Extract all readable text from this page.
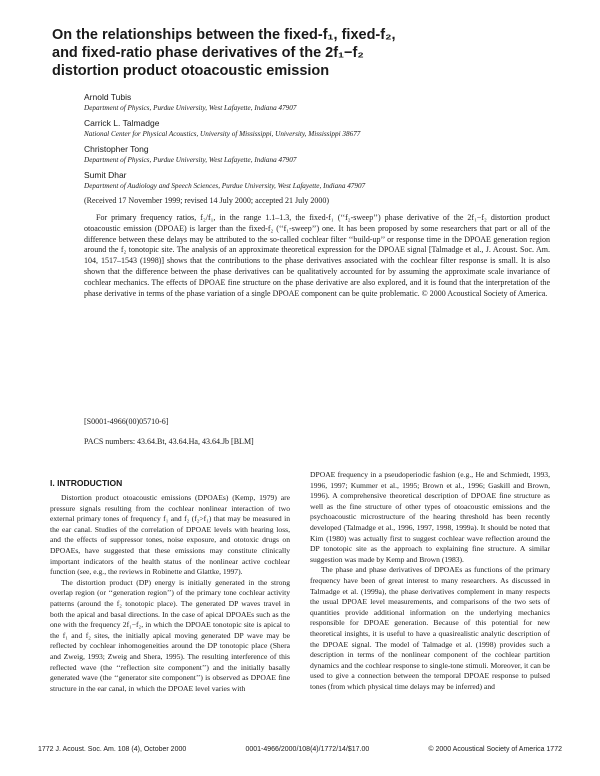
On the relationships between the fixed-f₁, fixed-f₂,
and fixed-ratio phase derivatives of the 2f₁−f₂
distortion product otoacoustic emission
Arnold Tubis
Department of Physics, Purdue University, West Lafayette, Indiana 47907
Carrick L. Talmadge
National Center for Physical Acoustics, University of Mississippi, University, Mississippi 38677
Christopher Tong
Department of Physics, Purdue University, West Lafayette, Indiana 47907
Sumit Dhar
Department of Audiology and Speech Sciences, Purdue University, West Lafayette, Indiana 47907
(Received 17 November 1999; revised 14 July 2000; accepted 21 July 2000)

For primary frequency ratios, f₂/f₁, in the range 1.1–1.3, the fixed-f₁ (‘‘f₂-sweep’’) phase derivative of the 2f₁−f₂ distortion product otoacoustic emission (DPOAE) is larger than the fixed-f₂ (‘‘f₁-sweep’’) one. It has been proposed by some researchers that part or all of the difference between these delays may be attributed to the so-called cochlear filter ‘‘build-up’’ or response time in the DPOAE generation region around the f₂ tonotopic site. The analysis of an approximate theoretical expression for the DPOAE signal [Talmadge et al., J. Acoust. Soc. Am. 104, 1517–1543 (1998)] shows that the contributions to the phase derivatives associated with the cochlear filter response is small. It is also shown that the difference between the phase derivatives can be qualitatively accounted for by assuming the approximate scale invariance of cochlear mechanics. The effects of DPOAE fine structure on the phase derivative are also explored, and it is found that the interpretation of the phase derivative in terms of the phase variation of a single DPOAE component can be quite problematic. © 2000 Acoustical Society of America.

[S0001-4966(00)05710-6]
PACS numbers: 43.64.Bt, 43.64.Ha, 43.64.Jb [BLM]
I. INTRODUCTION

Distortion product otoacoustic emissions (DPOAEs) (Kemp, 1979) are pressure signals resulting from the cochlear nonlinear interaction of two external primary tones of frequency f₁ and f₂ (f₂>f₁) that may be measured in the ear canal. Studies of the correlation of DPOAE levels with hearing loss, and the effects of suppressor tones, noise exposure, and ototoxic drugs on DPOAEs, have suggested that these emissions may constitute clinically important indicators of the health status of the nonlinear active cochlear function (see, e.g., the reviews in Robinette and Glattke, 1997).

The distortion product (DP) energy is initially generated in the strong overlap region (or ‘‘generation region’’) of the primary tone cochlear activity patterns (around the f₂ tonotopic place). The generated DP waves travel in both the apical and basal directions. In the case of apical DPOAEs such as the one with the frequency 2f₁−f₂, in which the DPOAE tonotopic site is apical to the f₁ and f₂ sites, the initially apical moving generated DP wave may be reflected by cochlear inhomogeneities around the DP tonotopic place (Shera and Zweig, 1993; Zweig and Shera, 1995). The resulting interference of this reflected wave (the ‘‘reflection site component’’) and the initially basally generated wave (the ‘‘generator site component’’) is observed as DPOAE fine structure in the ear canal, in which the DPOAE level varies with

DPOAE frequency in a pseudoperiodic fashion (e.g., He and Schmiedt, 1993, 1996, 1997; Kummer et al., 1995; Brown et al., 1996; Gaskill and Brown, 1996). A comprehensive theoretical description of DPOAE fine structure as well as the fine structure of other types of otoacoustic emissions and the psychoacoustic microstructure of the hearing threshold has been recently developed (Talmadge et al., 1996, 1997, 1998, 1999a). It should be noted that Kim (1980) was actually first to suggest cochlear wave reflection around the DP tonotopic site as the approach to explaining fine structure. A similar suggestion was made by Kemp and Brown (1983).

The phase and phase derivatives of DPOAEs as functions of the primary frequency have been of great interest to many researchers. As discussed in Talmadge et al. (1999a), the phase derivatives complement in many respects the usual DPOAE level measurements, and comparisons of the two sets of quantities provide additional information on the underlying mechanics responsible for DPOAE generation. Because of this potential for new theoretical insights, it is useful to have a quasirealistic analytic description of the DPOAE signal. The model of Talmadge et al. (1998) provides such a description in terms of the nonlinear component of the cochlear partition dynamics and the cochlear response to single-tone stimuli. Moreover, it can be used to give a connection between the temporal DPOAE response to pulsed tones (from which physical time delays may be inferred) and

1772 J. Acoust. Soc. Am. 108 (4), October 2000	0001-4966/2000/108(4)/1772/14/$17.00	© 2000 Acoustical Society of America 1772
